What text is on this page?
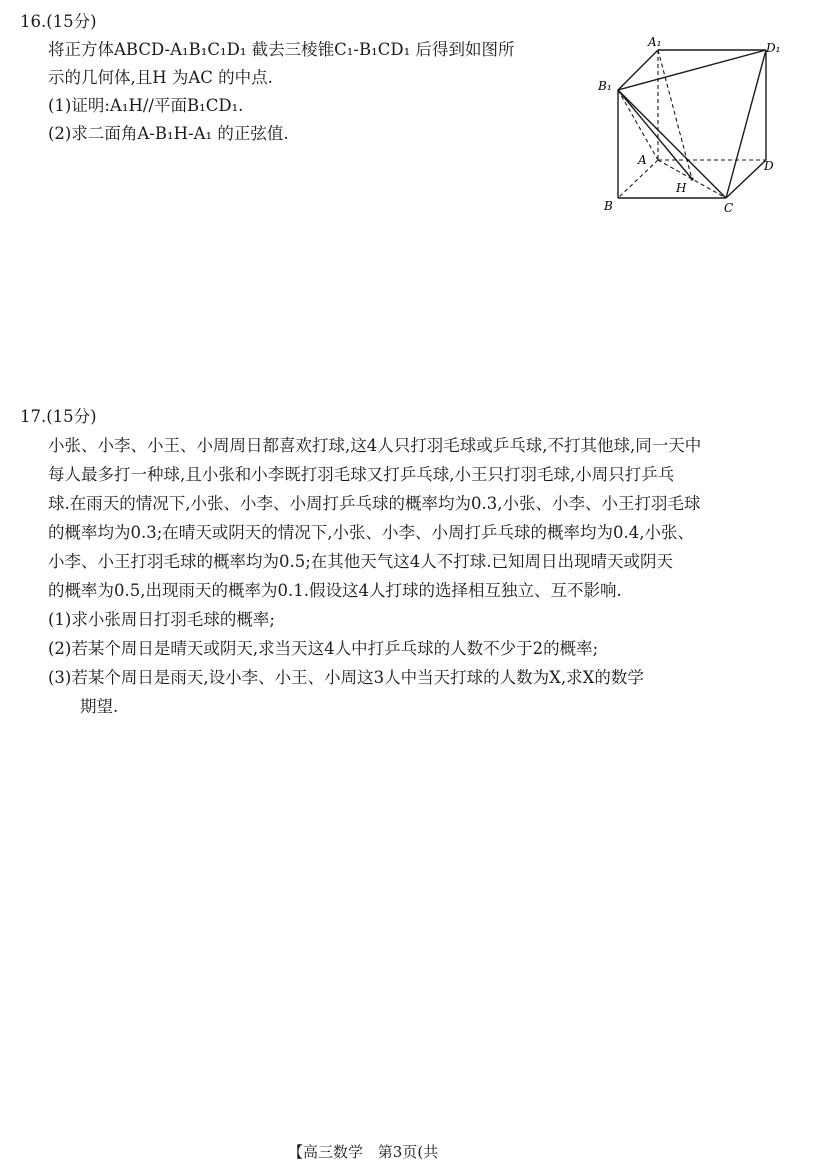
16.(15分)

将正方体ABCD-A₁B₁C₁D₁ 截去三棱锥C₁-B₁CD₁ 后得到如图所

示的几何体,且H 为AC 的中点.

(1)证明:A₁H//平面B₁CD₁.

(2)求二面角A-B₁H-A₁ 的正弦值.

A₁	D₁
B₁
A	D
H
B	C

17.(15分)

小张、小李、小王、小周周日都喜欢打球,这4人只打羽毛球或乒乓球,不打其他球,同一天中

每人最多打一种球,且小张和小李既打羽毛球又打乒乓球,小王只打羽毛球,小周只打乒乓

球.在雨天的情况下,小张、小李、小周打乒乓球的概率均为0.3,小张、小李、小王打羽毛球

的概率均为0.3;在晴天或阴天的情况下,小张、小李、小周打乒乓球的概率均为0.4,小张、

小李、小王打羽毛球的概率均为0.5;在其他天气这4人不打球.已知周日出现晴天或阴天

的概率为0.5,出现雨天的概率为0.1.假设这4人打球的选择相互独立、互不影响.

(1)求小张周日打羽毛球的概率;

(2)若某个周日是晴天或阴天,求当天这4人中打乒乓球的人数不少于2的概率;

(3)若某个周日是雨天,设小李、小王、小周这3人中当天打球的人数为X,求X的数学

期望.

【高三数学 第3页(共
